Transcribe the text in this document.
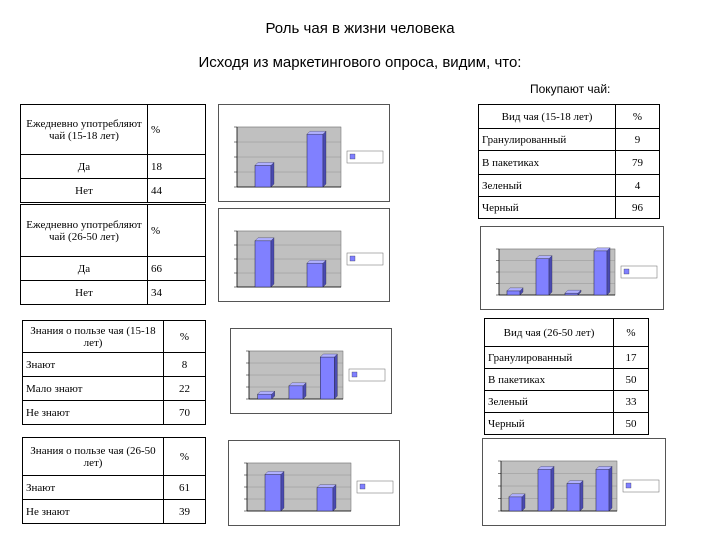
Роль чая в жизни человека
Исходя из маркетингового опроса, видим, что:
Покупают чай:
Ежедневно употребляют чай (15-18 лет)	%
Да	18
Нет	44
Ежедневно употребляют чай (26-50 лет)	%
Да	66
Нет	34
Знания о пользе чая (15-18 лет)	%
Знают	8
Мало знают	22
Не знают	70
Знания о пользе чая (26-50 лет)	%
Знают	61
Не знают	39
Вид чая (15-18 лет)	%
Гранулированный	9
В пакетиках	79
Зеленый	4
Черный	96
Вид чая (26-50 лет)	%
Гранулированный	17
В пакетиках	50
Зеленый	33
Черный	50
